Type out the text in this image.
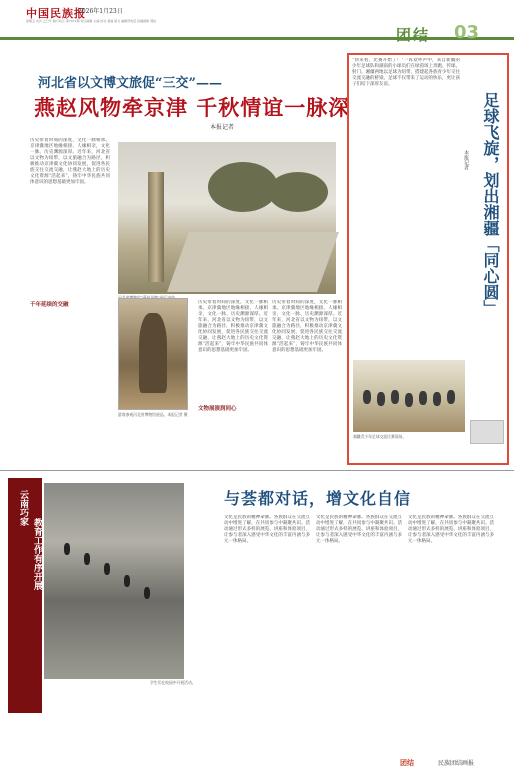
中国民族报
2026年1月23日
星期五 农历 乙巳年 腊月初五 第7012期 责任编辑 主编 校对 美编 版式 编辑部电话 投稿邮箱 网址
团结 03
河北省以文博文旅促“三交”——
燕赵风物牵京津 千秋情谊一脉深
本报记者
历史带着时间的深度，文化一脉相承。京津冀地区地缘相接、人缘相亲，文化一脉、历史渊源深厚。近年来，河北省以文物为纽带，以文旅融合为路径，积极推动京津冀文化协同发展，促进各民族交往交流交融，让燕赵大地上的历史文化资源“活起来”，铸牢中华民族共同体意识的思想基础更加牢固。
千年延续的交融	历史带着时间的深度，文化一脉相承。京津冀地区地缘相接、人缘相亲，文化一脉、历史渊源深厚。近年来，河北省以文物为纽带，以文旅融合为路径，积极推动京津冀文化协同发展，促进各民族交往交流交融，让燕赵大地上的历史文化资源“活起来”，铸牢中华民族共同体意识的思想基础更加牢固。
历史带着时间的深度，文化一脉相承。京津冀地区地缘相接、人缘相亲，文化一脉、历史渊源深厚。近年来，河北省以文物为纽带，以文旅融合为路径，积极推动京津冀文化协同发展，促进各民族交往交流交融，让燕赵大地上的历史文化资源“活起来”，铸牢中华民族共同体意识的思想基础更加牢固。
文物展演润同心
游客参观河北省博物馆展品。本报记者 摄
“快来看，比赛开始了！”一阵欢呼声中，来自新疆的少年足球队和湖南的小球员们在绿茵场上奔跑、传球、射门。湘疆两地以足球为纽带，搭建起各族青少年交往交流交融的桥梁。足球不仅带来了运动的快乐，更让孩子们结下深厚友谊。
足球飞旋，划出湘疆「同心圆」
本报记者
湘疆青少年足球交流比赛现场。
云南巧家
教育工作有序开展
学生们在校园中开展活动。
与荟都对话，增文化自信
文化是民族的精神命脉。各族群众在交流互动中增进了解，在共同参与中凝聚共识。活动通过形式多样的展览、讲座和体验项目，让参与者深入感受中华文化的丰富内涵与多元一体格局。
文化是民族的精神命脉。各族群众在交流互动中增进了解，在共同参与中凝聚共识。活动通过形式多样的展览、讲座和体验项目，让参与者深入感受中华文化的丰富内涵与多元一体格局。
文化是民族的精神命脉。各族群众在交流互动中增进了解，在共同参与中凝聚共识。活动通过形式多样的展览、讲座和体验项目，让参与者深入感受中华文化的丰富内涵与多元一体格局。
团结	民族团结画报
